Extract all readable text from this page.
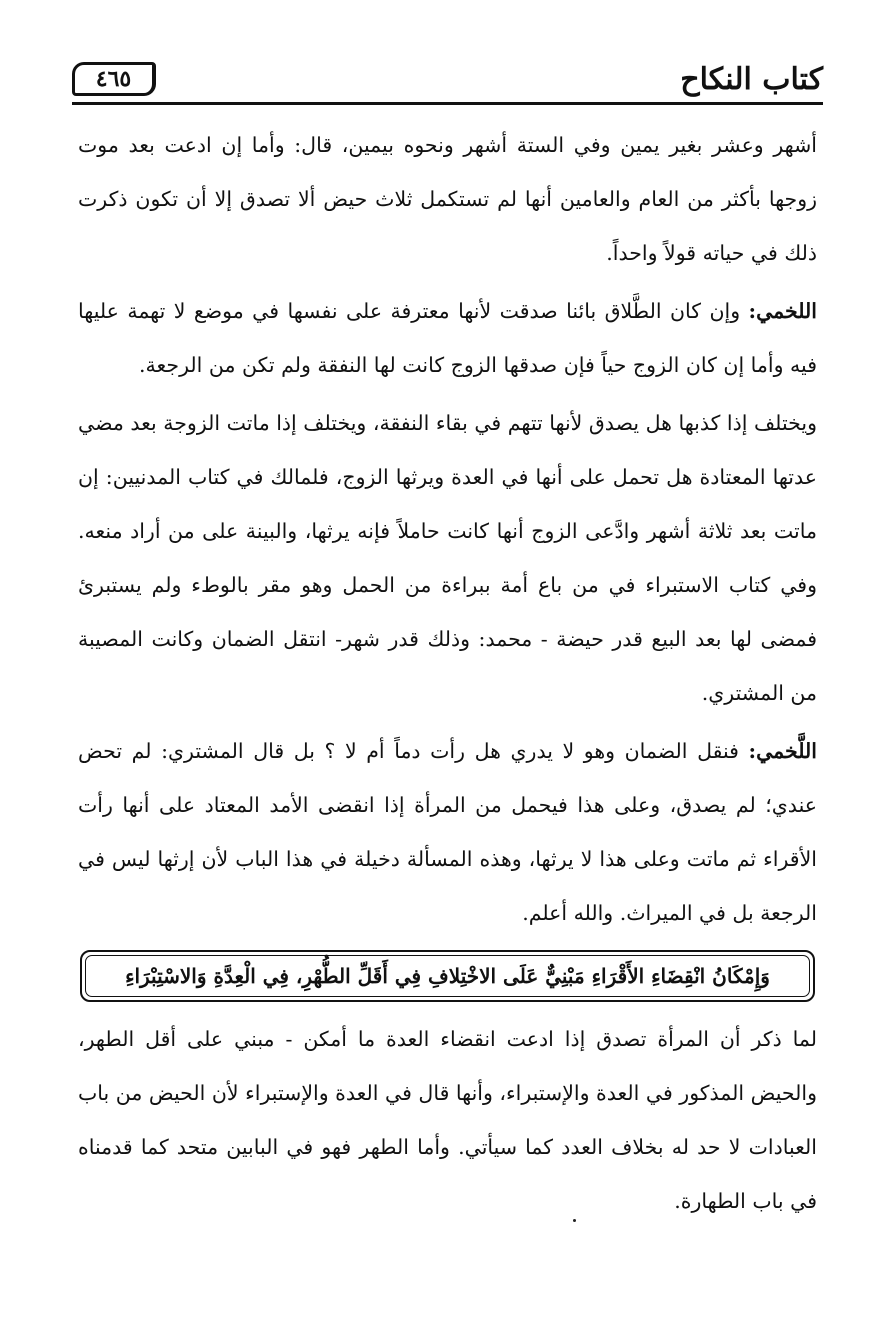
كتاب النكاح
٤٦٥

أشهر وعشر بغير يمين وفي الستة أشهر ونحوه بيمين، قال: وأما إن ادعت بعد موت زوجها بأكثر من العام والعامين أنها لم تستكمل ثلاث حيض ألا تصدق إلا أن تكون ذكرت ذلك في حياته قولاً واحداً.

اللخمي: وإن كان الطَّلاق بائنا صدقت لأنها معترفة على نفسها في موضع لا تهمة عليها فيه وأما إن كان الزوج حياً فإن صدقها الزوج كانت لها النفقة ولم تكن من الرجعة.

ويختلف إذا كذبها هل يصدق لأنها تتهم في بقاء النفقة، ويختلف إذا ماتت الزوجة بعد مضي عدتها المعتادة هل تحمل على أنها في العدة ويرثها الزوج، فلمالك في كتاب المدنيين: إن ماتت بعد ثلاثة أشهر وادَّعى الزوج أنها كانت حاملاً فإنه يرثها، والبينة على من أراد منعه. وفي كتاب الاستبراء في من باع أمة ببراءة من الحمل وهو مقر بالوطء ولم يستبرئ فمضى لها بعد البيع قدر حيضة - محمد: وذلك قدر شهر- انتقل الضمان وكانت المصيبة من المشتري.

اللَّخمي: فنقل الضمان وهو لا يدري هل رأت دماً أم لا ؟ بل قال المشتري: لم تحض عندي؛ لم يصدق، وعلى هذا فيحمل من المرأة إذا انقضى الأمد المعتاد على أنها رأت الأقراء ثم ماتت وعلى هذا لا يرثها، وهذه المسألة دخيلة في هذا الباب لأن إرثها ليس في الرجعة بل في الميراث. والله أعلم.

وَإِمْكَانُ انْقِضَاءِ الأَقْرَاءِ مَبْنِيٌّ عَلَى الاخْتِلافِ فِي أَقَلِّ الطُّهْرِ، فِي الْعِدَّةِ وَالاسْتِبْرَاءِ

لما ذكر أن المرأة تصدق إذا ادعت انقضاء العدة ما أمكن - مبني على أقل الطهر، والحيض المذكور في العدة والإستبراء، وأنها قال في العدة والإستبراء لأن الحيض من باب العبادات لا حد له بخلاف العدد كما سيأتي. وأما الطهر فهو في البابين متحد كما قدمناه في باب الطهارة.
